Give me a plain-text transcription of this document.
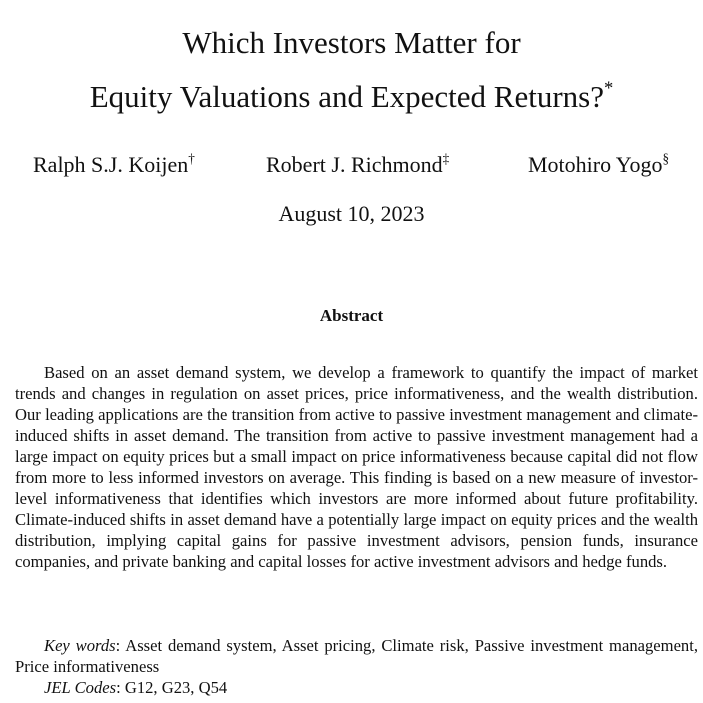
Which Investors Matter for
Equity Valuations and Expected Returns?*
Ralph S.J. Koijen†	Robert J. Richmond‡	Motohiro Yogo§
August 10, 2023
Abstract

Based on an asset demand system, we develop a framework to quantify the impact of market trends and changes in regulation on asset prices, price informativeness, and the wealth distribution. Our leading applications are the transition from active to passive investment management and climate-induced shifts in asset demand. The transition from active to passive investment management had a large impact on equity prices but a small impact on price informativeness because capital did not flow from more to less informed investors on average. This finding is based on a new measure of investor-level informativeness that identifies which investors are more informed about future profitability. Climate-induced shifts in asset demand have a potentially large impact on equity prices and the wealth distribution, implying capital gains for passive investment advisors, pension funds, insurance companies, and private banking and capital losses for active investment advisors and hedge funds.

Key words: Asset demand system, Asset pricing, Climate risk, Passive investment management, Price informativeness

JEL Codes: G12, G23, Q54
